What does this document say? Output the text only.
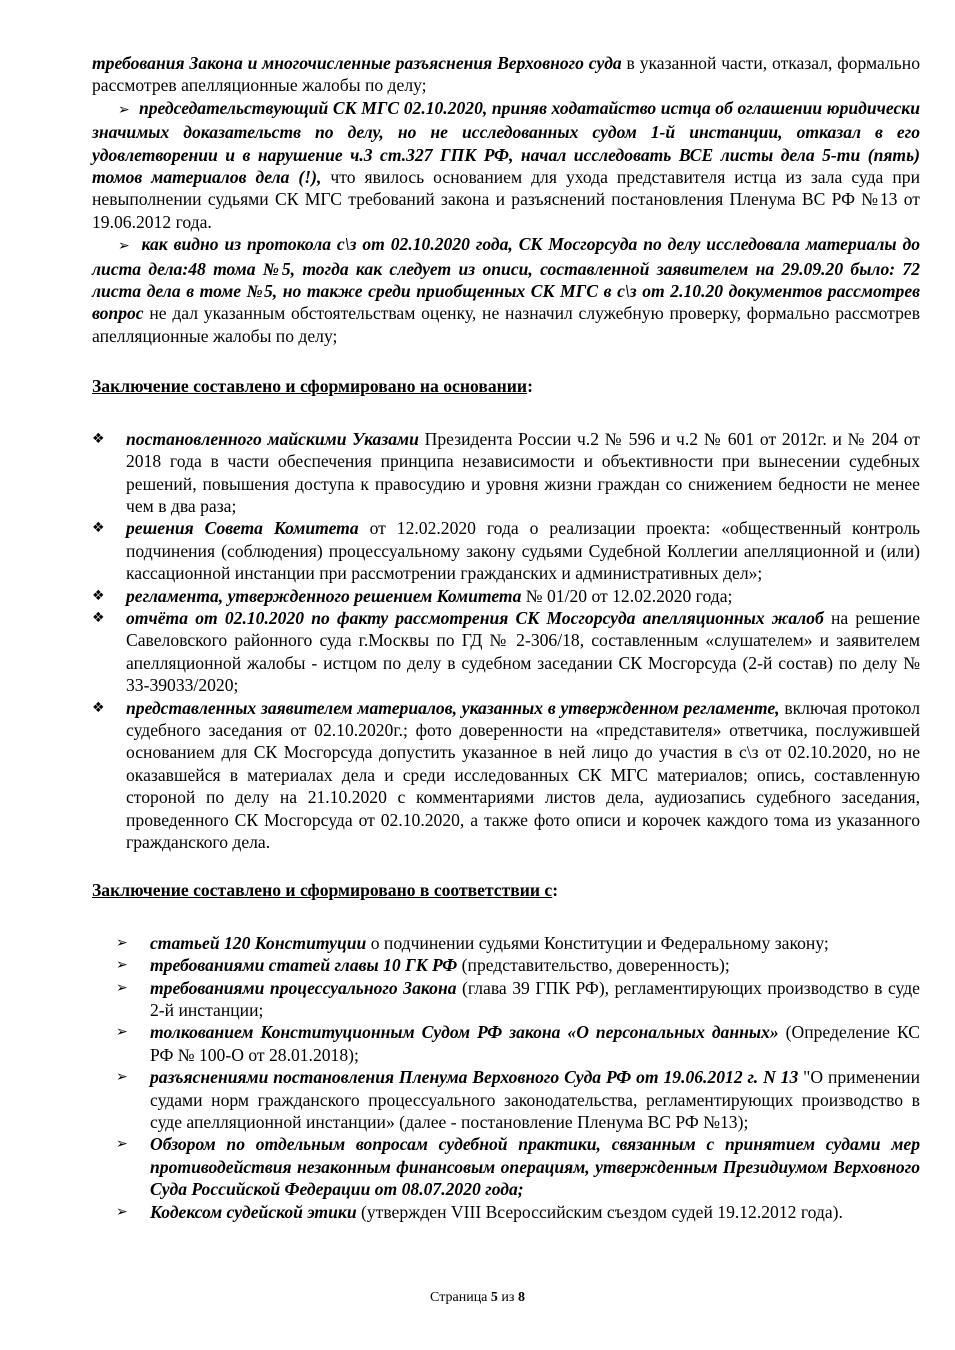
требования Закона и многочисленные разъяснения Верховного суда в указанной части, отказал, формально рассмотрев апелляционные жалобы по делу;

➢ председательствующий СК МГС 02.10.2020, приняв ходатайство истца об оглашении юридически значимых доказательств по делу, но не исследованных судом 1-й инстанции, отказал в его удовлетворении и в нарушение ч.3 ст.327 ГПК РФ, начал исследовать ВСЕ листы дела 5-ти (пять) томов материалов дела (!), что явилось основанием для ухода представителя истца из зала суда при невыполнении судьями СК МГС требований закона и разъяснений постановления Пленума ВС РФ №13 от 19.06.2012 года.

➢ как видно из протокола с\з от 02.10.2020 года, СК Мосгорсуда по делу исследовала материалы до листа дела:48 тома №5, тогда как следует из описи, составленной заявителем на 29.09.20 было: 72 листа дела в томе №5, но также среди приобщенных СК МГС в с\з от 2.10.20 документов рассмотрев вопрос не дал указанным обстоятельствам оценку, не назначил служебную проверку, формально рассмотрев апелляционные жалобы по делу;

Заключение составлено и сформировано на основании:
❖ постановленного майскими Указами Президента России ч.2 № 596 и ч.2 № 601 от 2012г. и № 204 от 2018 года в части обеспечения принципа независимости и объективности при вынесении судебных решений, повышения доступа к правосудию и уровня жизни граждан со снижением бедности не менее чем в два раза;
❖ решения Совета Комитета от 12.02.2020 года о реализации проекта: «общественный контроль подчинения (соблюдения) процессуальному закону судьями Судебной Коллегии апелляционной и (или) кассационной инстанции при рассмотрении гражданских и административных дел»;
❖ регламента, утвержденного решением Комитета № 01/20 от 12.02.2020 года;
❖ отчёта от 02.10.2020 по факту рассмотрения СК Мосгорсуда апелляционных жалоб на решение Савеловского районного суда г.Москвы по ГД № 2-306/18, составленным «слушателем» и заявителем апелляционной жалобы - истцом по делу в судебном заседании СК Мосгорсуда (2-й состав) по делу № 33-39033/2020;
❖ представленных заявителем материалов, указанных в утвержденном регламенте, включая протокол судебного заседания от 02.10.2020г.; фото доверенности на «представителя» ответчика, послужившей основанием для СК Мосгорсуда допустить указанное в ней лицо до участия в с\з от 02.10.2020, но не оказавшейся в материалах дела и среди исследованных СК МГС материалов; опись, составленную стороной по делу на 21.10.2020 с комментариями листов дела, аудиозапись судебного заседания, проведенного СК Мосгорсуда от 02.10.2020, а также фото описи и корочек каждого тома из указанного гражданского дела.
Заключение составлено и сформировано в соответствии с:
➢ статьей 120 Конституции о подчинении судьями Конституции и Федеральному закону;
➢ требованиями статей главы 10 ГК РФ (представительство, доверенность);
➢ требованиями процессуального Закона (глава 39 ГПК РФ), регламентирующих производство в суде 2-й инстанции;
➢ толкованием Конституционным Судом РФ закона «О персональных данных» (Определение КС РФ № 100-О от 28.01.2018);
➢ разъяснениями постановления Пленума Верховного Суда РФ от 19.06.2012 г. N 13 "О применении судами норм гражданского процессуального законодательства, регламентирующих производство в суде апелляционной инстанции» (далее - постановление Пленума ВС РФ №13);
➢ Обзором по отдельным вопросам судебной практики, связанным с принятием судами мер противодействия незаконным финансовым операциям, утвержденным Президиумом Верховного Суда Российской Федерации от 08.07.2020 года;
➢ Кодексом судейской этики (утвержден VIII Всероссийским съездом судей 19.12.2012 года).
Страница 5 из 8
